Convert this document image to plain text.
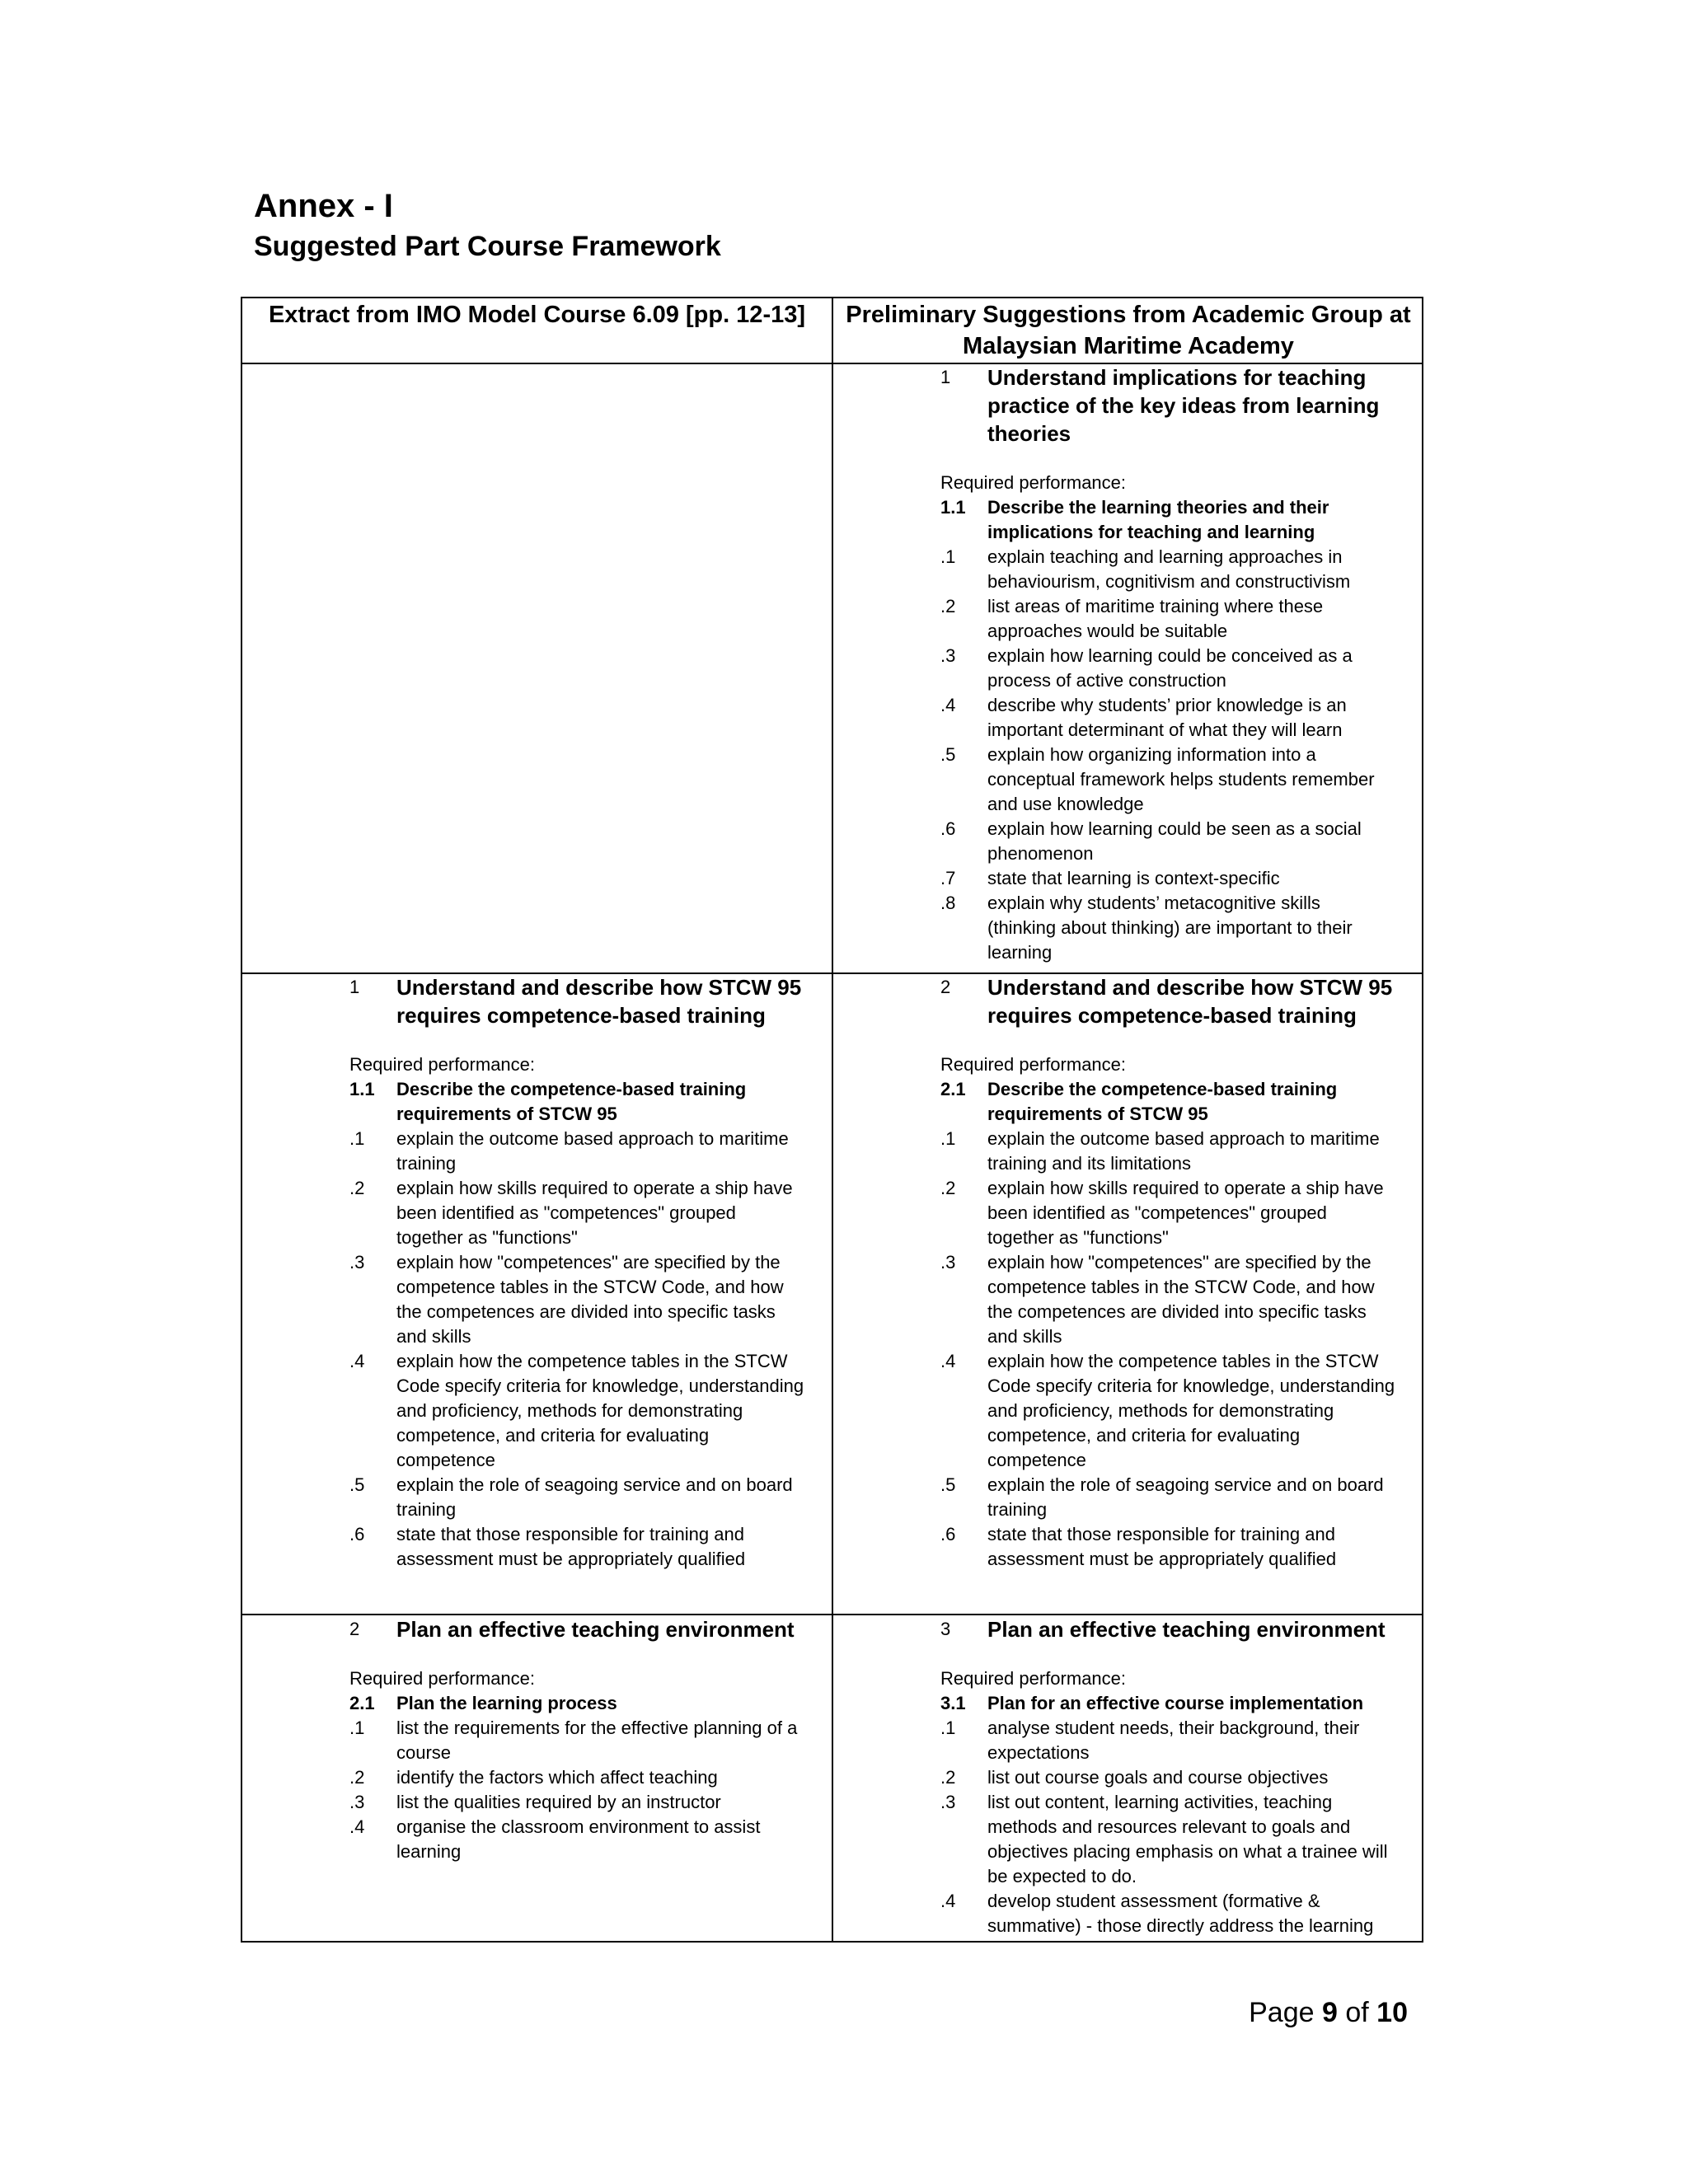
Annex - I
Suggested Part Course Framework
Extract from IMO Model Course 6.09 [pp. 12-13]	Preliminary Suggestions from Academic Group at
Malaysian Maritime Academy
1 Understand implications for teaching
practice of the key ideas from learning
theories
Required performance:
1.1 Describe the learning theories and their
implications for teaching and learning
.1 explain teaching and learning approaches in
behaviourism, cognitivism and constructivism
.2 list areas of maritime training where these
approaches would be suitable
.3 explain how learning could be conceived as a
process of active construction
.4 describe why students’ prior knowledge is an
important determinant of what they will learn
.5 explain how organizing information into a
conceptual framework helps students remember
and use knowledge
.6 explain how learning could be seen as a social
phenomenon
.7 state that learning is context-specific
.8 explain why students’ metacognitive skills
(thinking about thinking) are important to their
learning
1 Understand and describe how STCW 95
requires competence-based training
Required performance:
1.1 Describe the competence-based training
requirements of STCW 95
.1 explain the outcome based approach to maritime
training
.2 explain how skills required to operate a ship have
been identified as "competences" grouped
together as "functions"
.3 explain how "competences" are specified by the
competence tables in the STCW Code, and how
the competences are divided into specific tasks
and skills
.4 explain how the competence tables in the STCW
Code specify criteria for knowledge, understanding
and proficiency, methods for demonstrating
competence, and criteria for evaluating
competence
.5 explain the role of seagoing service and on board
training
.6 state that those responsible for training and
assessment must be appropriately qualified
2 Understand and describe how STCW 95
requires competence-based training
Required performance:
2.1 Describe the competence-based training
requirements of STCW 95
.1 explain the outcome based approach to maritime
training and its limitations
.2 explain how skills required to operate a ship have
been identified as "competences" grouped
together as "functions"
.3 explain how "competences" are specified by the
competence tables in the STCW Code, and how
the competences are divided into specific tasks
and skills
.4 explain how the competence tables in the STCW
Code specify criteria for knowledge, understanding
and proficiency, methods for demonstrating
competence, and criteria for evaluating
competence
.5 explain the role of seagoing service and on board
training
.6 state that those responsible for training and
assessment must be appropriately qualified
2 Plan an effective teaching environment
Required performance:
2.1 Plan the learning process
.1 list the requirements for the effective planning of a
course
.2 identify the factors which affect teaching
.3 list the qualities required by an instructor
.4 organise the classroom environment to assist
learning
3 Plan an effective teaching environment
Required performance:
3.1 Plan for an effective course implementation
.1 analyse student needs, their background, their
expectations
.2 list out course goals and course objectives
.3 list out content, learning activities, teaching
methods and resources relevant to goals and
objectives placing emphasis on what a trainee will
be expected to do.
.4 develop student assessment (formative &
summative) - those directly address the learning
Page 9 of 10
